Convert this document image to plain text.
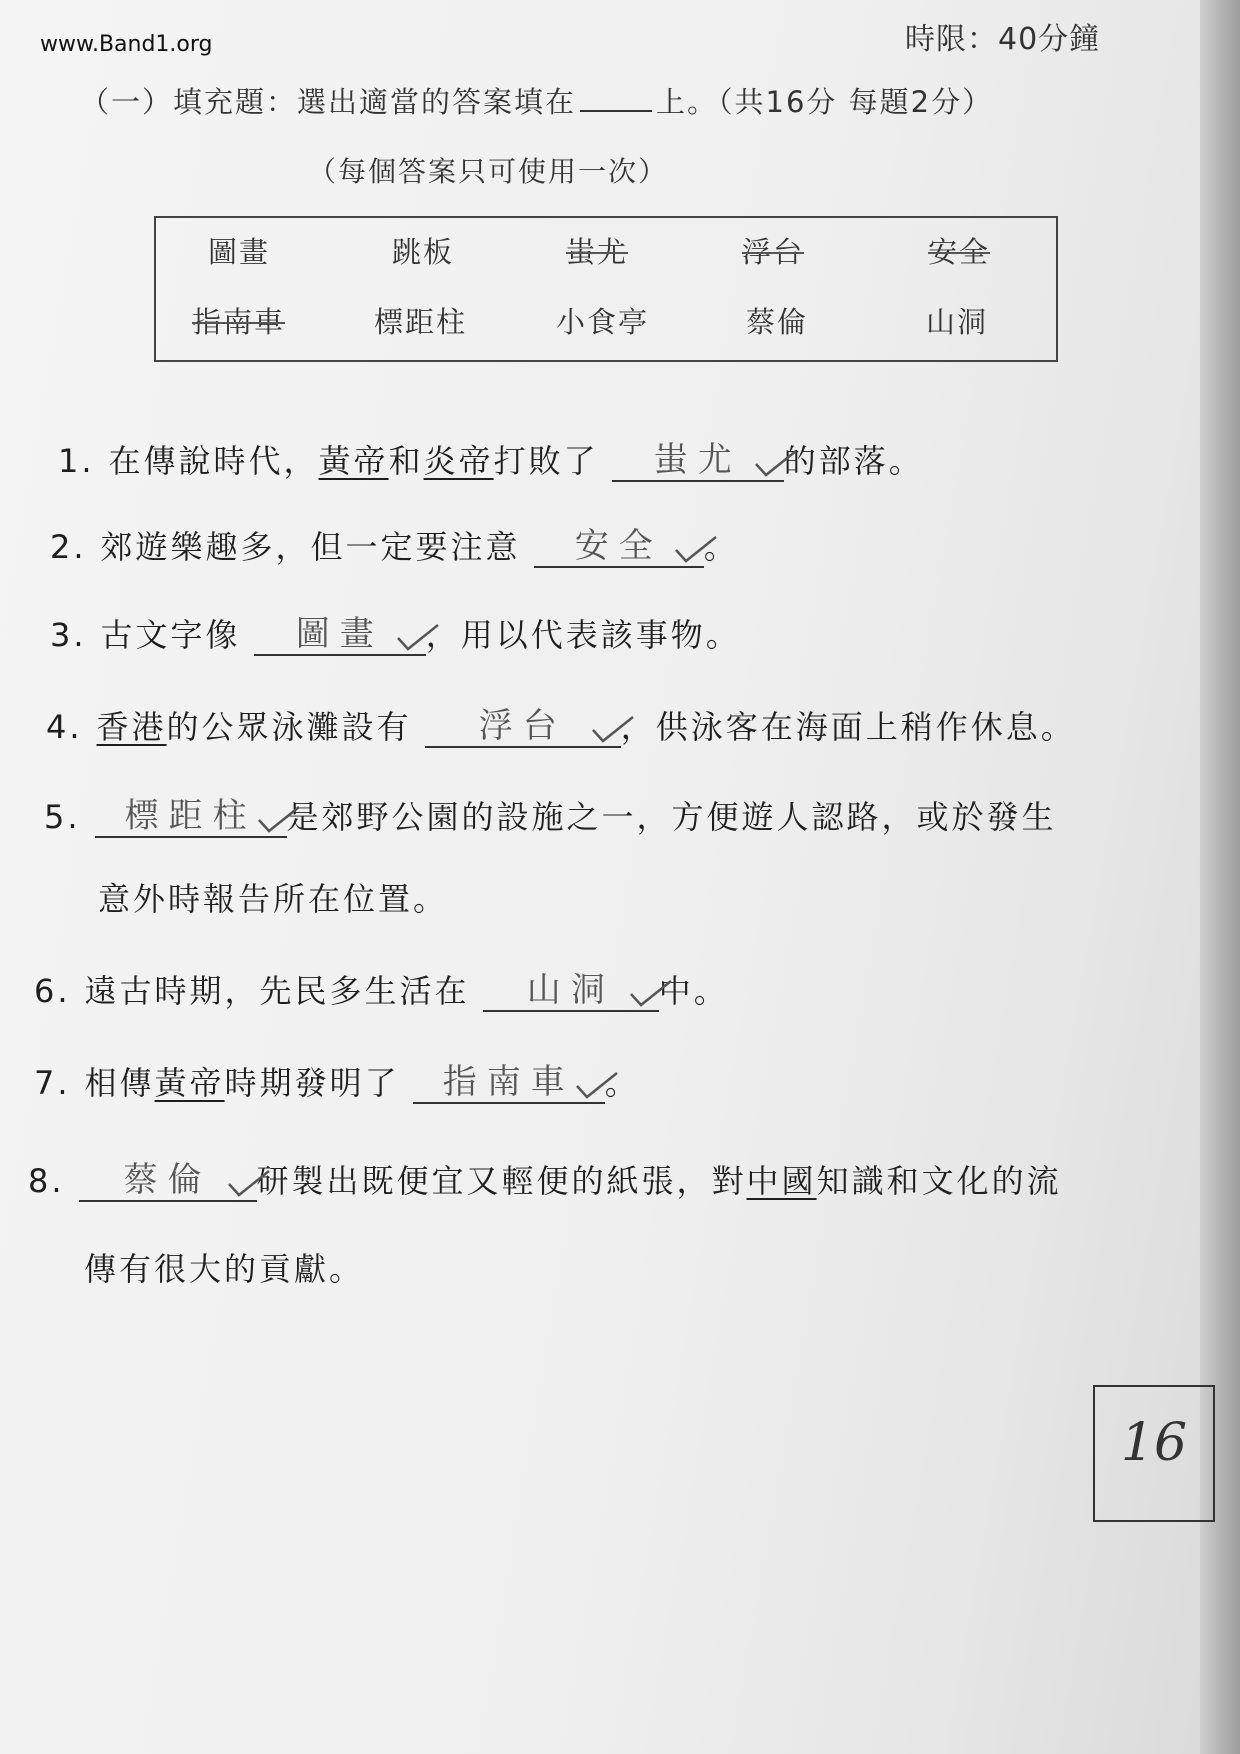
www.Band1.org	時限：40分鐘
（一）填充題：選出適當的答案填在	上。（共16分 每題2分）
（每個答案只可使用一次）
圖畫	跳板	蚩尤	浮台	安全
指南車	標距柱	小食亭	蔡倫	山洞
1. 在傳說時代，黃帝和炎帝打敗了 蚩尤 的部落。
2. 郊遊樂趣多，但一定要注意 安全 。
3. 古文字像 圖畫 ，用以代表該事物。
4. 香港的公眾泳灘設有 浮台 ，供泳客在海面上稍作休息。
5. 標距柱 是郊野公園的設施之一，方便遊人認路，或於發生
意外時報告所在位置。
6. 遠古時期，先民多生活在 山洞 中。
7. 相傳黃帝時期發明了 指南車 。
8. 蔡倫 研製出既便宜又輕便的紙張，對中國知識和文化的流
傳有很大的貢獻。
16
